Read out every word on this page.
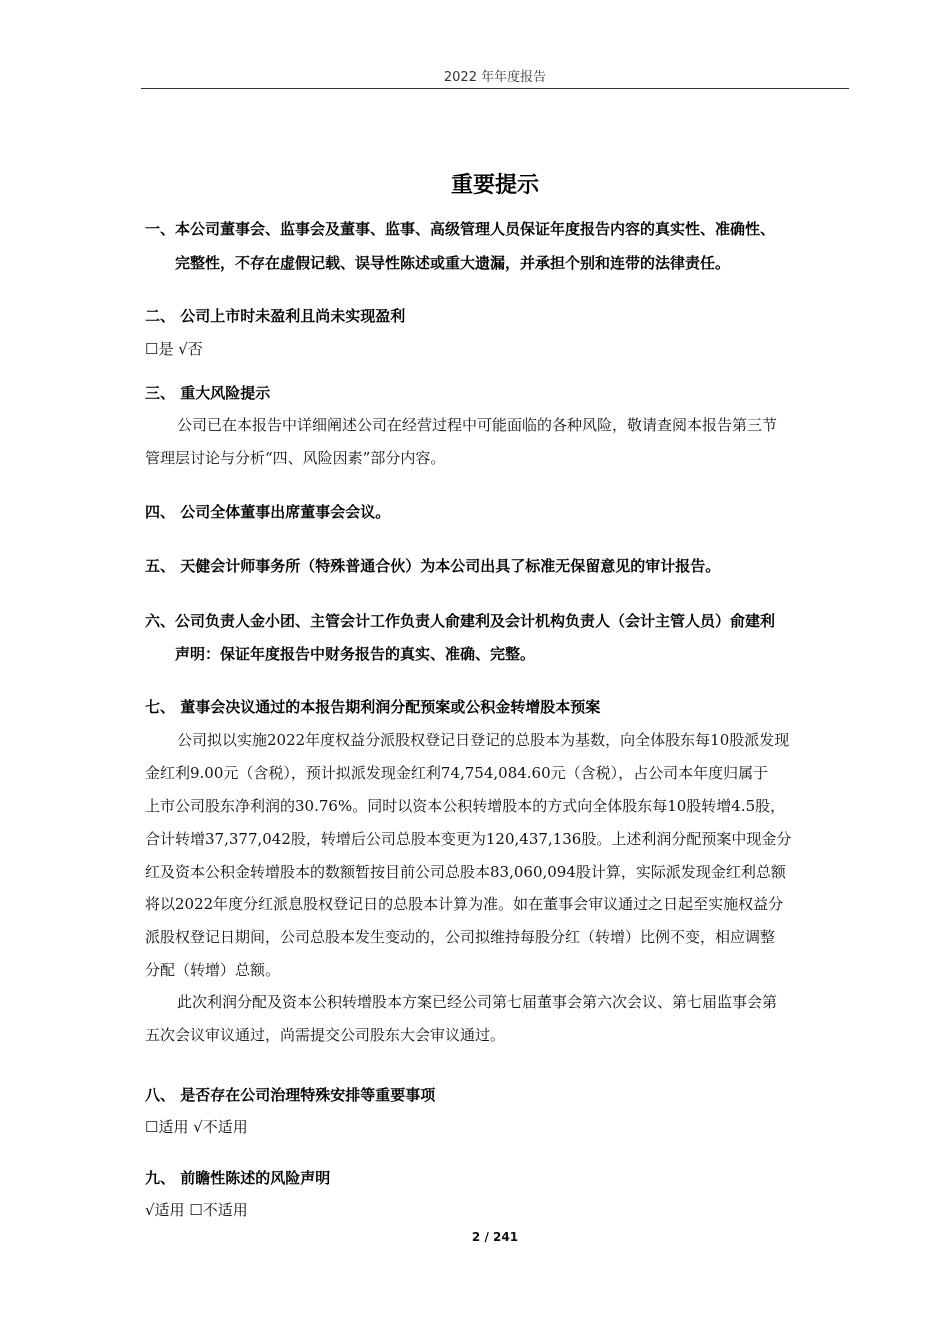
2022 年年度报告
重要提示
一、本公司董事会、监事会及董事、监事、高级管理人员保证年度报告内容的真实性、准确性、
完整性，不存在虚假记载、误导性陈述或重大遗漏，并承担个别和连带的法律责任。
二、 公司上市时未盈利且尚未实现盈利
☐是 √否
三、 重大风险提示
公司已在本报告中详细阐述公司在经营过程中可能面临的各种风险，敬请查阅本报告第三节
管理层讨论与分析“四、风险因素”部分内容。
四、 公司全体董事出席董事会会议。
五、 天健会计师事务所（特殊普通合伙）为本公司出具了标准无保留意见的审计报告。
六、公司负责人金小团、主管会计工作负责人俞建利及会计机构负责人（会计主管人员）俞建利
声明：保证年度报告中财务报告的真实、准确、完整。
七、 董事会决议通过的本报告期利润分配预案或公积金转增股本预案
公司拟以实施2022年度权益分派股权登记日登记的总股本为基数，向全体股东每10股派发现
金红利9.00元（含税），预计拟派发现金红利74,754,084.60元（含税），占公司本年度归属于
上市公司股东净利润的30.76%。同时以资本公积转增股本的方式向全体股东每10股转增4.5股，
合计转增37,377,042股，转增后公司总股本变更为120,437,136股。上述利润分配预案中现金分
红及资本公积金转增股本的数额暂按目前公司总股本83,060,094股计算，实际派发现金红利总额
将以2022年度分红派息股权登记日的总股本计算为准。如在董事会审议通过之日起至实施权益分
派股权登记日期间，公司总股本发生变动的，公司拟维持每股分红（转增）比例不变，相应调整
分配（转增）总额。
此次利润分配及资本公积转增股本方案已经公司第七届董事会第六次会议、第七届监事会第
五次会议审议通过，尚需提交公司股东大会审议通过。
八、 是否存在公司治理特殊安排等重要事项
☐适用 √不适用
九、 前瞻性陈述的风险声明
√适用 ☐不适用
2 / 241
